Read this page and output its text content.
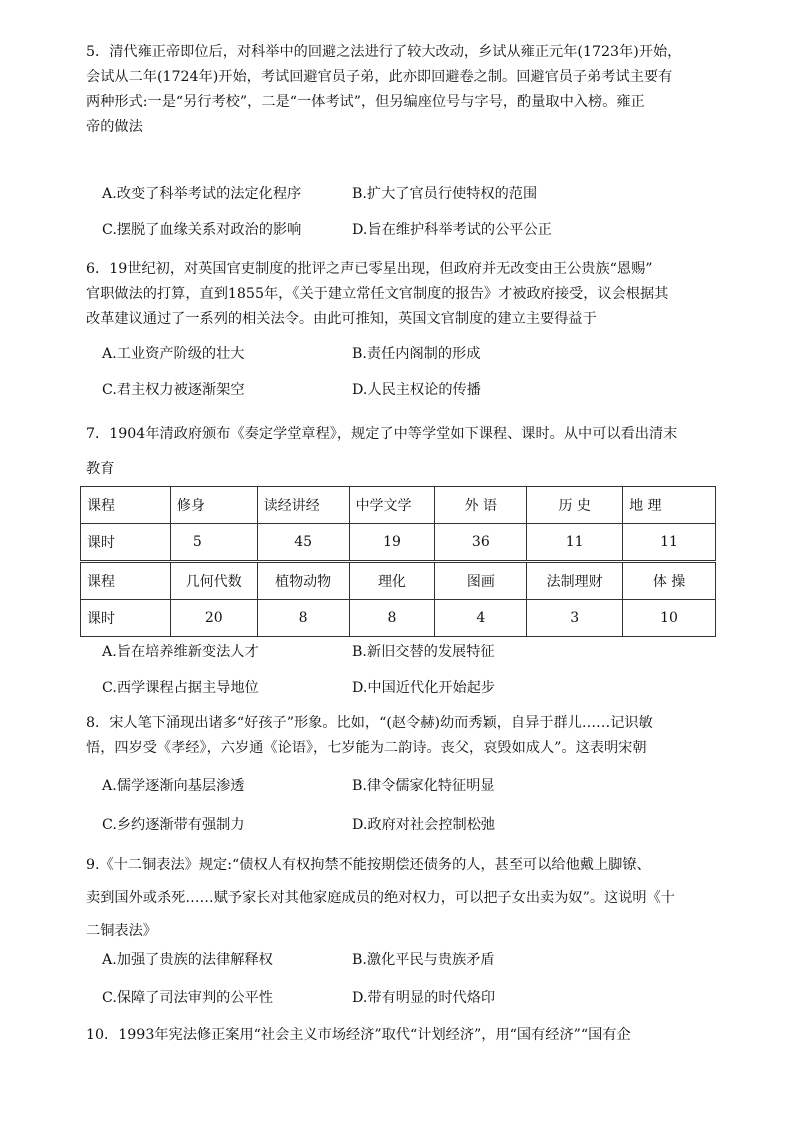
5．清代雍正帝即位后，对科举中的回避之法进行了较大改动，乡试从雍正元年(1723年)开始，
会试从二年(1724年)开始，考试回避官员子弟，此亦即回避卷之制。回避官员子弟考试主要有
两种形式:一是“另行考校”，二是“一体考试”，但另编座位号与字号，酌量取中入榜。雍正
帝的做法

A.改变了科举考试的法定化程序	B.扩大了官员行使特权的范围
C.摆脱了血缘关系对政治的影响	D.旨在维护科举考试的公平公正

6．19世纪初，对英国官吏制度的批评之声已零星出现，但政府并无改变由王公贵族“恩赐”
官职做法的打算，直到1855年，《关于建立常任文官制度的报告》才被政府接受，议会根据其
改革建议通过了一系列的相关法令。由此可推知，英国文官制度的建立主要得益于

A.工业资产阶级的壮大	B.责任内阁制的形成
C.君主权力被逐渐架空	D.人民主权论的传播

7．1904年清政府颁布《奏定学堂章程》，规定了中等学堂如下课程、课时。从中可以看出清末
教育

课程	修身	读经讲经	中学文学	外 语	历 史	地 理
课时	5	45	19	36	11	11
课程	几何代数	植物动物	理化	图画	法制理财	体 操
课时	20	8	8	4	3	10
A.旨在培养维新变法人才	B.新旧交替的发展特征
C.西学课程占据主导地位	D.中国近代化开始起步

8．宋人笔下涌现出诸多“好孩子”形象。比如，“(赵令赫)幼而秀颖，自异于群儿……记识敏
悟，四岁受《孝经》，六岁通《论语》，七岁能为二韵诗。丧父，哀毁如成人”。这表明宋朝

A.儒学逐渐向基层渗透	B.律令儒家化特征明显
C.乡约逐渐带有强制力	D.政府对社会控制松弛

9.《十二铜表法》规定:“债权人有权拘禁不能按期偿还债务的人，甚至可以给他戴上脚镣、
卖到国外或杀死……赋予家长对其他家庭成员的绝对权力，可以把子女出卖为奴”。这说明《十
二铜表法》

A.加强了贵族的法律解释权	B.激化平民与贵族矛盾
C.保障了司法审判的公平性	D.带有明显的时代烙印

10．1993年宪法修正案用“社会主义市场经济”取代“计划经济”，用“国有经济”“国有企
